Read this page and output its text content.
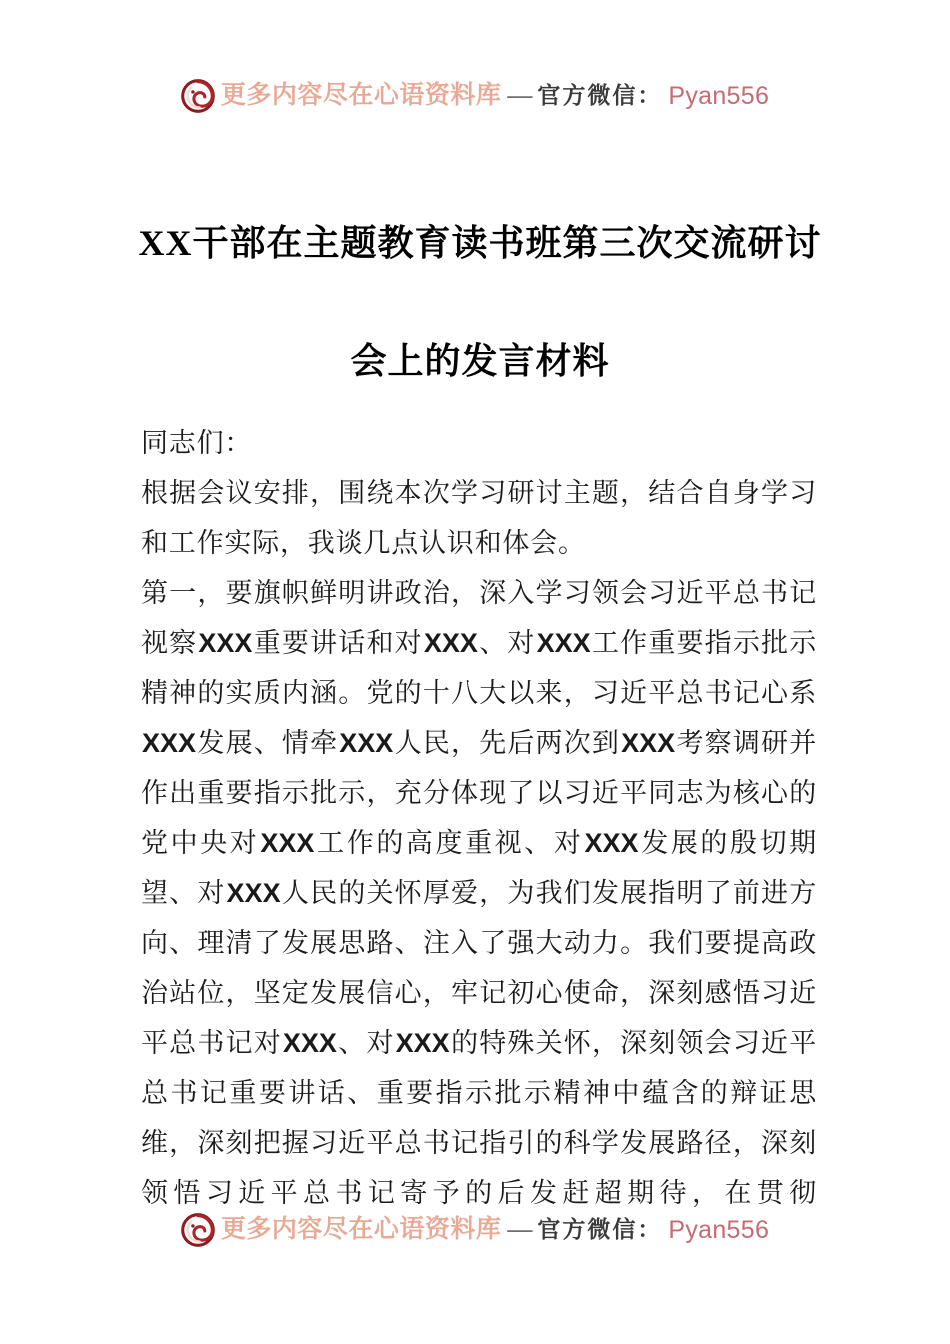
更多内容尽在心语资料库 — 官方微信： Pyan556
XX干部在主题教育读书班第三次交流研讨
会上的发言材料

同志们：

根据会议安排，围绕本次学习研讨主题，结合自身学习和工作实际，我谈几点认识和体会。

第一，要旗帜鲜明讲政治，深入学习领会习近平总书记视察XXX重要讲话和对XXX、对XXX工作重要指示批示精神的实质内涵。党的十八大以来，习近平总书记心系XXX发展、情牵XXX人民，先后两次到XXX考察调研并作出重要指示批示，充分体现了以习近平同志为核心的党中央对XXX工作的高度重视、对XXX发展的殷切期望、对XXX人民的关怀厚爱，为我们发展指明了前进方向、理清了发展思路、注入了强大动力。我们要提高政治站位，坚定发展信心，牢记初心使命，深刻感悟习近平总书记对XXX、对XXX的特殊关怀，深刻领会习近平总书记重要讲话、重要指示批示精神中蕴含的辩证思维，深刻把握习近平总书记指引的科学发展路径，深刻领悟习近平总书记寄予的后发赶超期待，在贯彻

更多内容尽在心语资料库 — 官方微信： Pyan556
